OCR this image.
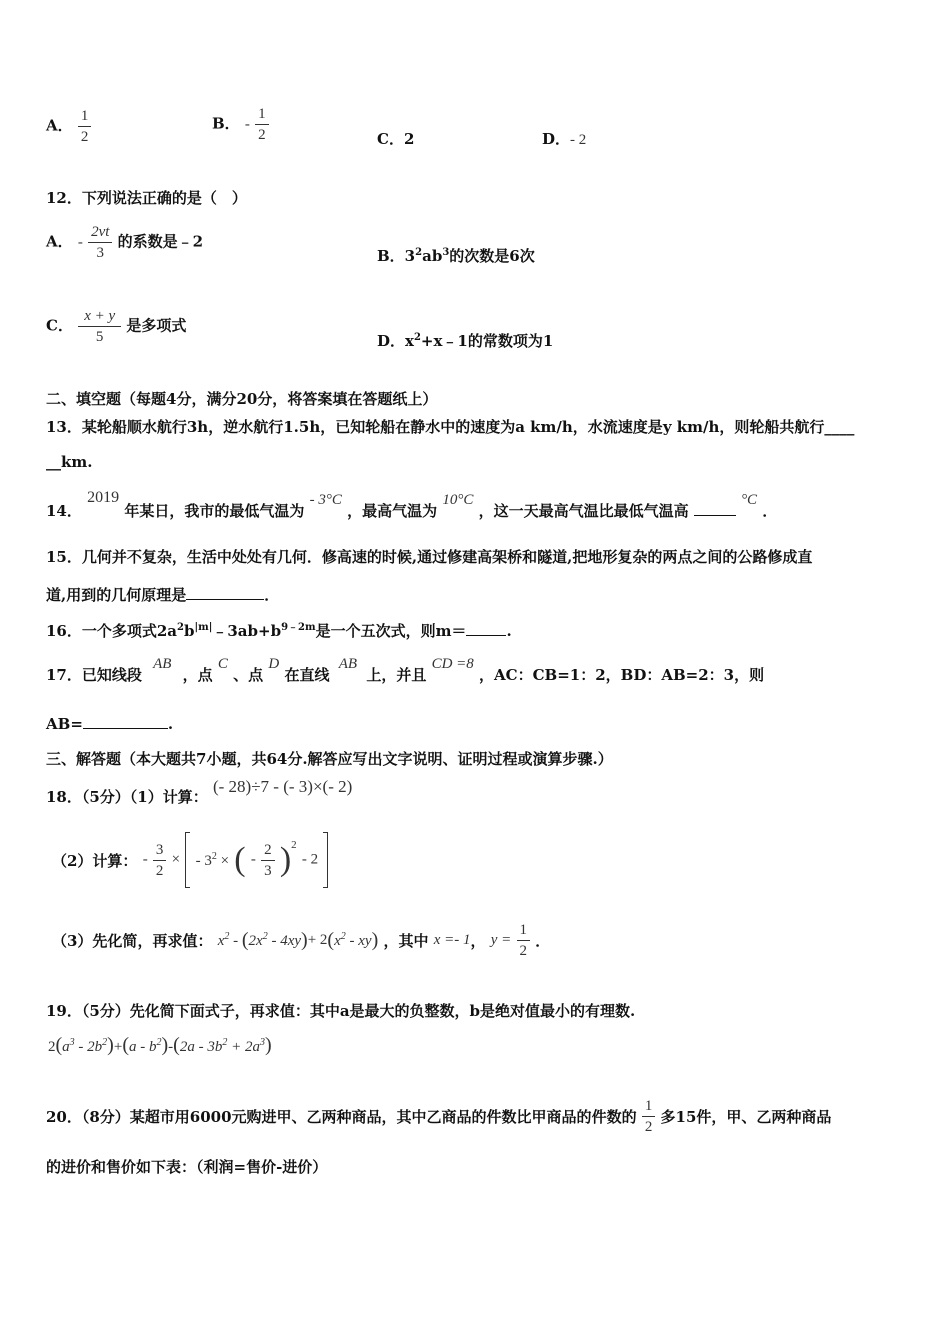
A． $\frac{1}{2}$	B． - $\frac{1}{2}$	C．2	D．- 2
12．下列说法正确的是（　）
A． - $\frac{2vt}{3}$ 的系数是﹣2
B．$3^2ab^3$的次数是6次
C． $\frac{x + y}{5}$ 是多项式
D．$x^2+x﹣1$的常数项为1
二、填空题（每题4分，满分20分，将答案填在答题纸上）
13．某轮船顺水航行3h，逆水航行1.5h，已知轮船在静水中的速度为a km/h，水流速度是y km/h，则轮船共航行____
__km.
14． 2019 年某日，我市的最低气温为 - 3°C ，最高气温为 10°C ，这一天最高气温比最低气温高  °C ．
15．几何并不复杂，生活中处处有几何．修高速的时候,通过修建高架桥和隧道,把地形复杂的两点之间的公路修成直
道,用到的几何原理是	．
16．一个多项式$2a^2b^{|m|}﹣3ab+b^{9﹣2m}$是一个五次式，则m＝	.
17．已知线段 AB ，点 C 、点 D 在直线 AB 上，并且 CD =8 ，AC：CB=1：2，BD：AB=2：3，则
AB=	.
三、解答题（本大题共7小题，共64分.解答应写出文字说明、证明过程或演算步骤.）
18．（5分）（1）计算： (- 28)÷7 - (- 3)×(- 2)
（2）计算： - $\frac{3}{2}$ × - $3^2$ × ( - $\frac{2}{3} )^2 - 2$
（3）先化简，再求值： $x^2 - (2x^2 - 4xy)+ 2(x^2 - xy)$ ，其中 x =- 1， $y = \frac{1}{2}$ ．
19．（5分）先化简下面式子，再求值：其中a是最大的负整数，b是绝对值最小的有理数.
$2(a^3 - 2b^2)+(a - b^2)-(2a - 3b^2 + 2a^3)$
20．（8分）某超市用6000元购进甲、乙两种商品，其中乙商品的件数比甲商品的件数的 $\frac{1}{2}$ 多15件，甲、乙两种商品
的进价和售价如下表：（利润=售价-进价）
